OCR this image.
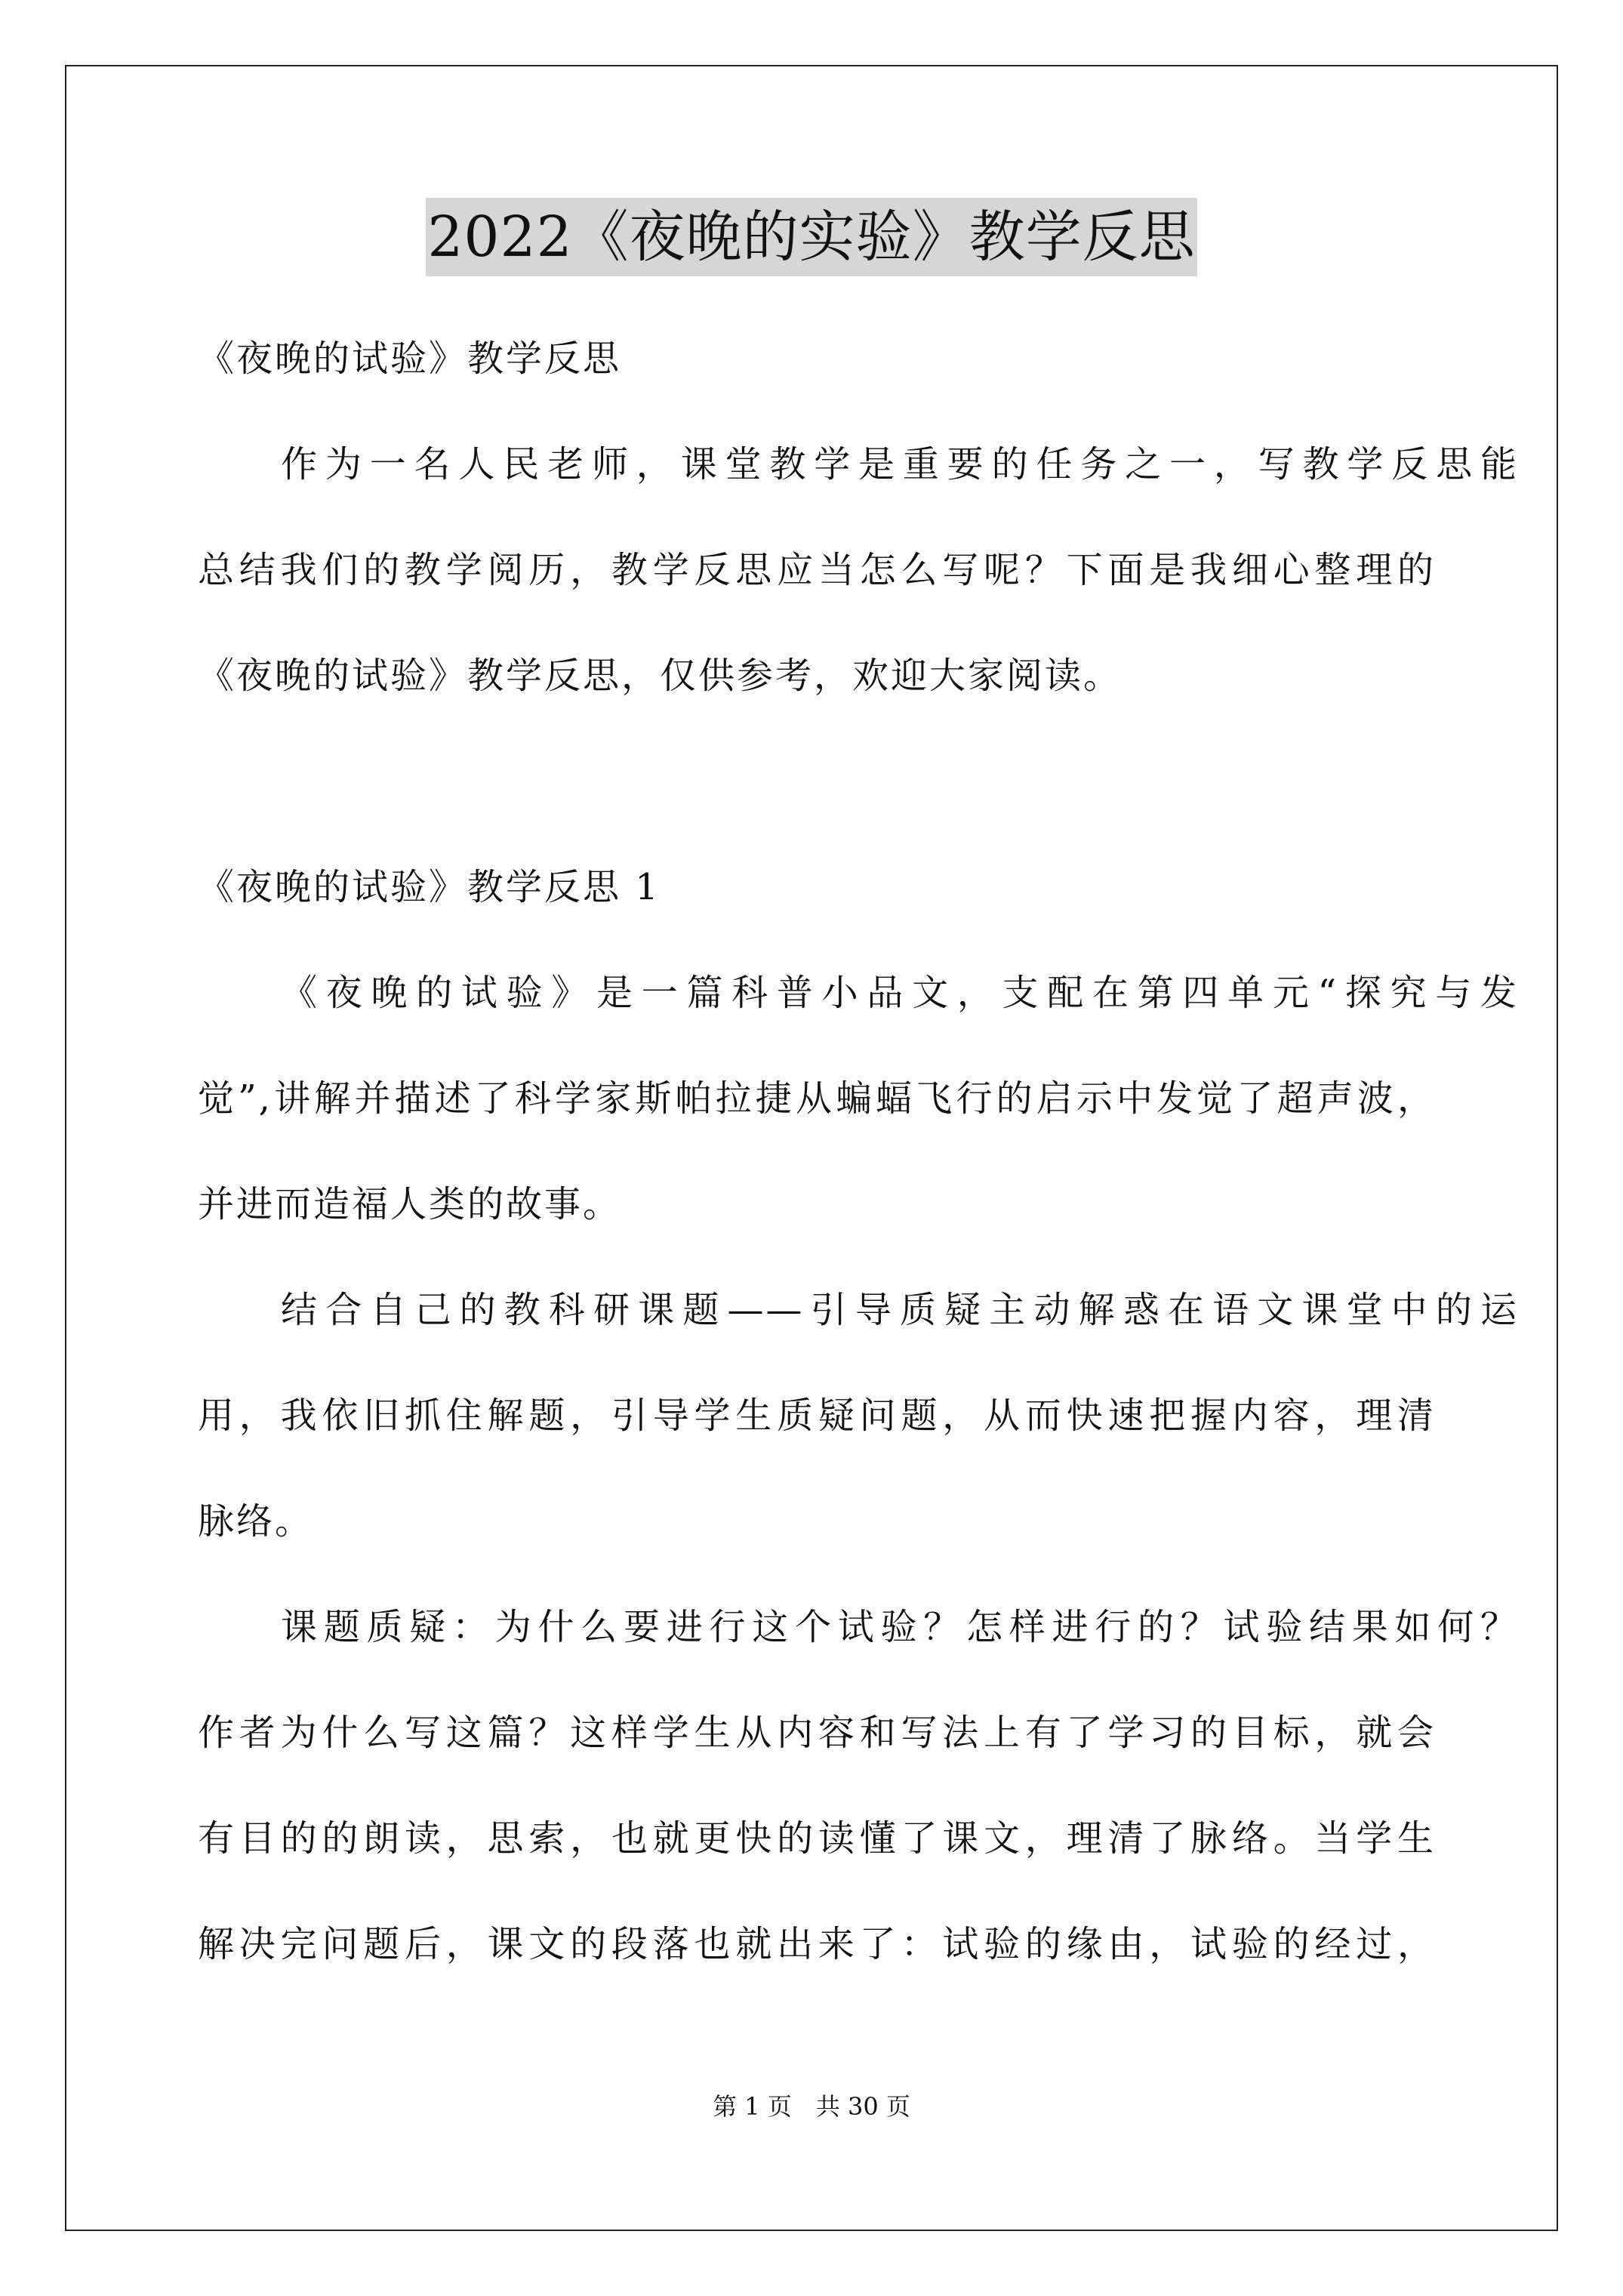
2022《夜晚的实验》教学反思
《夜晚的试验》教学反思
作为一名人民老师，课堂教学是重要的任务之一，写教学反思能
总结我们的教学阅历，教学反思应当怎么写呢？下面是我细心整理的
《夜晚的试验》教学反思，仅供参考，欢迎大家阅读。
《夜晚的试验》教学反思 1
《夜晚的试验》是一篇科普小品文，支配在第四单元“探究与发
觉”,讲解并描述了科学家斯帕拉捷从蝙蝠飞行的启示中发觉了超声波，
并进而造福人类的故事。
结合自己的教科研课题——引导质疑主动解惑在语文课堂中的运
用，我依旧抓住解题，引导学生质疑问题，从而快速把握内容，理清
脉络。
课题质疑：为什么要进行这个试验？怎样进行的？试验结果如何？
作者为什么写这篇？这样学生从内容和写法上有了学习的目标，就会
有目的的朗读，思索，也就更快的读懂了课文，理清了脉络。当学生
解决完问题后，课文的段落也就出来了：试验的缘由，试验的经过，
第 1 页　共 30 页
